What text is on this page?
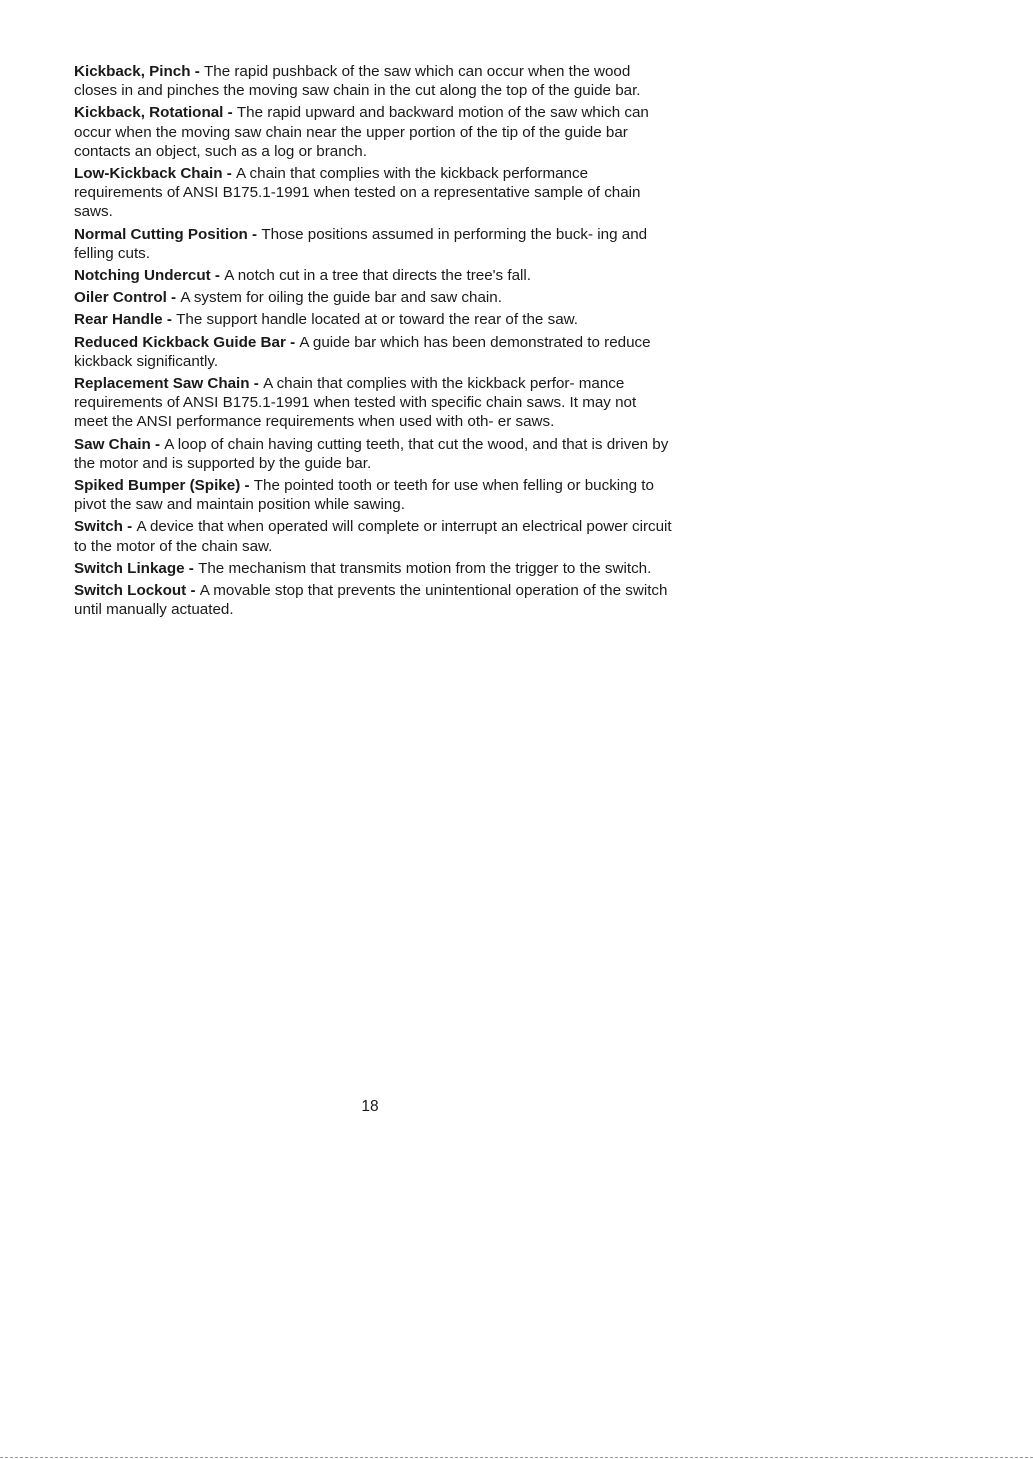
Kickback, Pinch - The rapid pushback of the saw which can occur when the wood closes in and pinches the moving saw chain in the cut along the top of the guide bar.

Kickback, Rotational - The rapid upward and backward motion of the saw which can occur when the moving saw chain near the upper portion of the tip of the guide bar contacts an object, such as a log or branch.

Low-Kickback Chain - A chain that complies with the kickback performance requirements of ANSI B175.1-1991 when tested on a representative sample of chain saws.

Normal Cutting Position - Those positions assumed in performing the buck- ing and felling cuts.

Notching Undercut - A notch cut in a tree that directs the tree's fall.

Oiler Control - A system for oiling the guide bar and saw chain.

Rear Handle - The support handle located at or toward the rear of the saw.

Reduced Kickback Guide Bar - A guide bar which has been demonstrated to reduce kickback significantly.

Replacement Saw Chain - A chain that complies with the kickback perfor- mance requirements of ANSI B175.1-1991 when tested with specific chain saws. It may not meet the ANSI performance requirements when used with oth- er saws.

Saw Chain - A loop of chain having cutting teeth, that cut the wood, and that is driven by the motor and is supported by the guide bar.

Spiked Bumper (Spike) - The pointed tooth or teeth for use when felling or bucking to pivot the saw and maintain position while sawing.

Switch - A device that when operated will complete or interrupt an electrical power circuit to the motor of the chain saw.

Switch Linkage - The mechanism that transmits motion from the trigger to the switch.

Switch Lockout - A movable stop that prevents the unintentional operation of the switch until manually actuated.

18
